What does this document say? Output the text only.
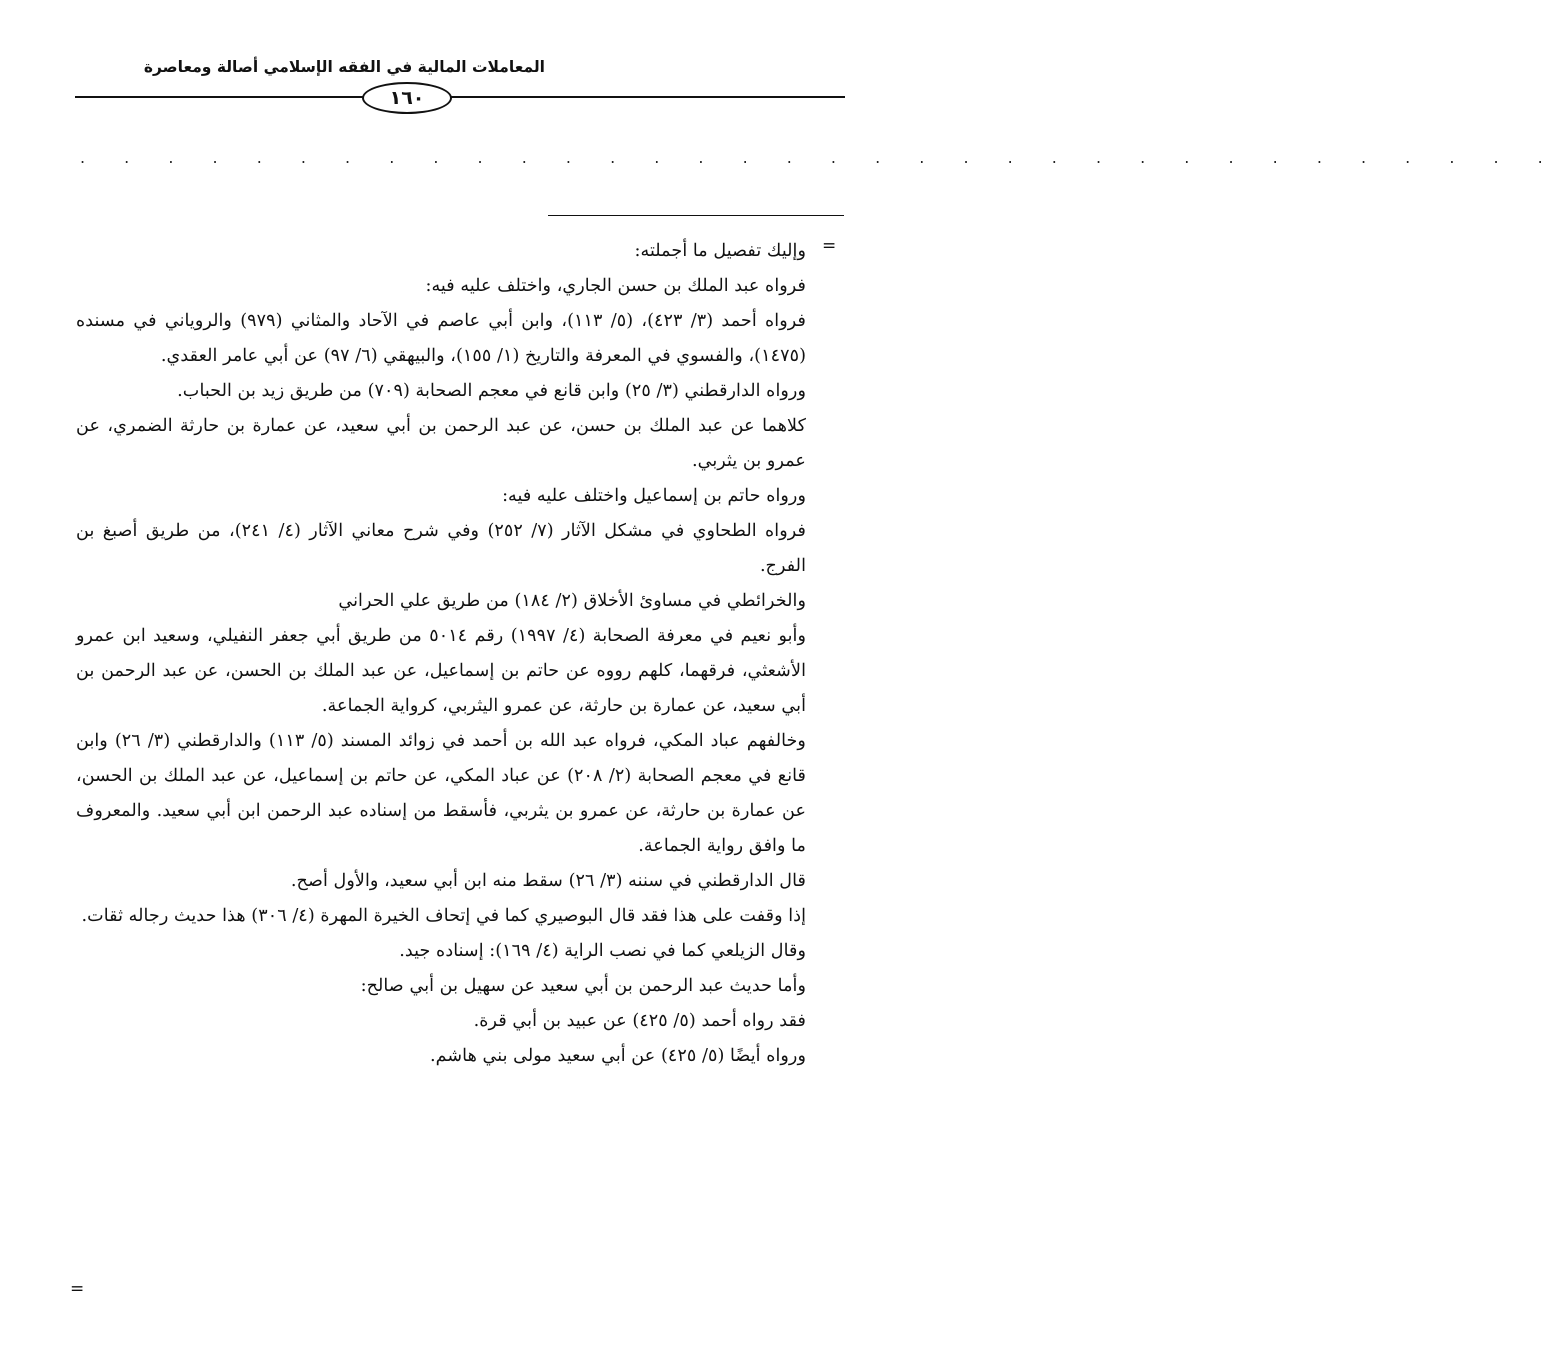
المعاملات المالية في الفقه الإسلامي أصالة ومعاصرة
١٦٠
. . . . . . . . . . . . . . . . . . . . . . . . . . . . . . . . . .
=

وإليك تفصيل ما أجملته:

فرواه عبد الملك بن حسن الجاري، واختلف عليه فيه:

فرواه أحمد (٣/ ٤٢٣)، (٥/ ١١٣)، وابن أبي عاصم في الآحاد والمثاني (٩٧٩) والروياني في مسنده (١٤٧٥)، والفسوي في المعرفة والتاريخ (١/ ١٥٥)، والبيهقي (٦/ ٩٧) عن أبي عامر العقدي.

ورواه الدارقطني (٣/ ٢٥) وابن قانع في معجم الصحابة (٧٠٩) من طريق زيد بن الحباب.

كلاهما عن عبد الملك بن حسن، عن عبد الرحمن بن أبي سعيد، عن عمارة بن حارثة الضمري، عن عمرو بن يثربي.

ورواه حاتم بن إسماعيل واختلف عليه فيه:

فرواه الطحاوي في مشكل الآثار (٧/ ٢٥٢) وفي شرح معاني الآثار (٤/ ٢٤١)، من طريق أصبغ بن الفرج.

والخرائطي في مساوئ الأخلاق (٢/ ١٨٤) من طريق علي الحراني

وأبو نعيم في معرفة الصحابة (٤/ ١٩٩٧) رقم ٥٠١٤ من طريق أبي جعفر النفيلي، وسعيد ابن عمرو الأشعثي، فرقهما، كلهم رووه عن حاتم بن إسماعيل، عن عبد الملك بن الحسن، عن عبد الرحمن بن أبي سعيد، عن عمارة بن حارثة، عن عمرو اليثربي، كرواية الجماعة.

وخالفهم عباد المكي، فرواه عبد الله بن أحمد في زوائد المسند (٥/ ١١٣) والدارقطني (٣/ ٢٦) وابن قانع في معجم الصحابة (٢/ ٢٠٨) عن عباد المكي، عن حاتم بن إسماعيل، عن عبد الملك بن الحسن، عن عمارة بن حارثة، عن عمرو بن يثربي، فأسقط من إسناده عبد الرحمن ابن أبي سعيد. والمعروف ما وافق رواية الجماعة.

قال الدارقطني في سننه (٣/ ٢٦) سقط منه ابن أبي سعيد، والأول أصح.

إذا وقفت على هذا فقد قال البوصيري كما في إتحاف الخيرة المهرة (٤/ ٣٠٦) هذا حديث رجاله ثقات.

وقال الزيلعي كما في نصب الراية (٤/ ١٦٩): إسناده جيد.

وأما حديث عبد الرحمن بن أبي سعيد عن سهيل بن أبي صالح:

فقد رواه أحمد (٥/ ٤٢٥) عن عبيد بن أبي قرة.

ورواه أيضًا (٥/ ٤٢٥) عن أبي سعيد مولى بني هاشم.

=
